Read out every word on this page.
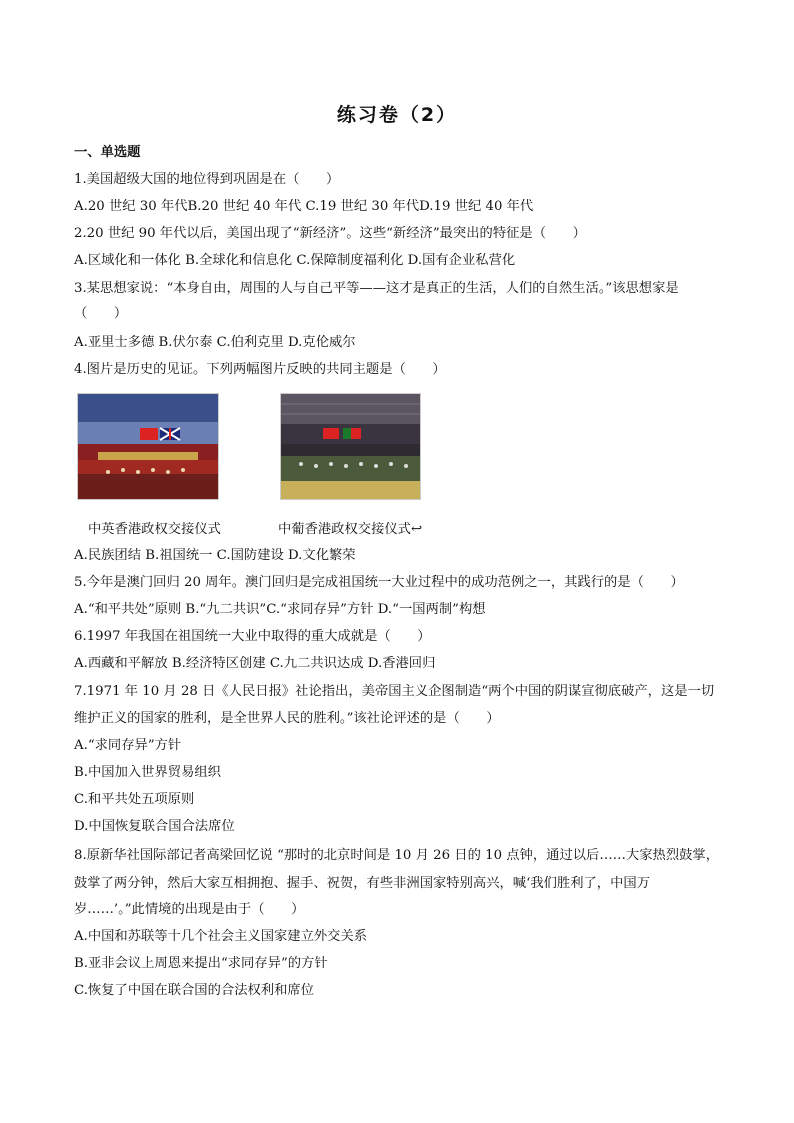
练习卷（2）
一、单选题
1.美国超级大国的地位得到巩固是在（　　）
A.20 世纪 30 年代B.20 世纪 40 年代 C.19 世纪 30 年代D.19 世纪 40 年代
2.20 世纪 90 年代以后，美国出现了“新经济”。这些“新经济”最突出的特征是（　　）
A.区域化和一体化 B.全球化和信息化 C.保障制度福利化 D.国有企业私营化
3.某思想家说：“本身自由，周围的人与自己平等——这才是真正的生活，人们的自然生活。”该思想家是
（　　）
A.亚里士多德 B.伏尔泰 C.伯利克里 D.克伦威尔
4.图片是历史的见证。下列两幅图片反映的共同主题是（　　）
中英香港政权交接仪式	中葡香港政权交接仪式↩
A.民族团结 B.祖国统一 C.国防建设 D.文化繁荣
5.今年是澳门回归 20 周年。澳门回归是完成祖国统一大业过程中的成功范例之一，其践行的是（　　）
A.“和平共处”原则 B.“九二共识”C.“求同存异”方针 D.“一国两制”构想
6.1997 年我国在祖国统一大业中取得的重大成就是（　　）
A.西藏和平解放 B.经济特区创建 C.九二共识达成 D.香港回归
7.1971 年 10 月 28 日《人民日报》社论指出，美帝国主义企图制造“两个中国的阴谋宣彻底破产，这是一切
维护正义的国家的胜利，是全世界人民的胜利。”该社论评述的是（　　）
A.“求同存异”方针
B.中国加入世界贸易组织
C.和平共处五项原则
D.中国恢复联合国合法席位
8.原新华社国际部记者高梁回忆说 “那时的北京时间是 10 月 26 日的 10 点钟，通过以后……大家热烈鼓掌，
鼓掌了两分钟，然后大家互相拥抱、握手、祝贺，有些非洲国家特别高兴，喊‘我们胜利了，中国万
岁……’。”此情境的出现是由于（　　）
A.中国和苏联等十几个社会主义国家建立外交关系
B.亚非会议上周恩来提出“求同存异”的方针
C.恢复了中国在联合国的合法权利和席位
